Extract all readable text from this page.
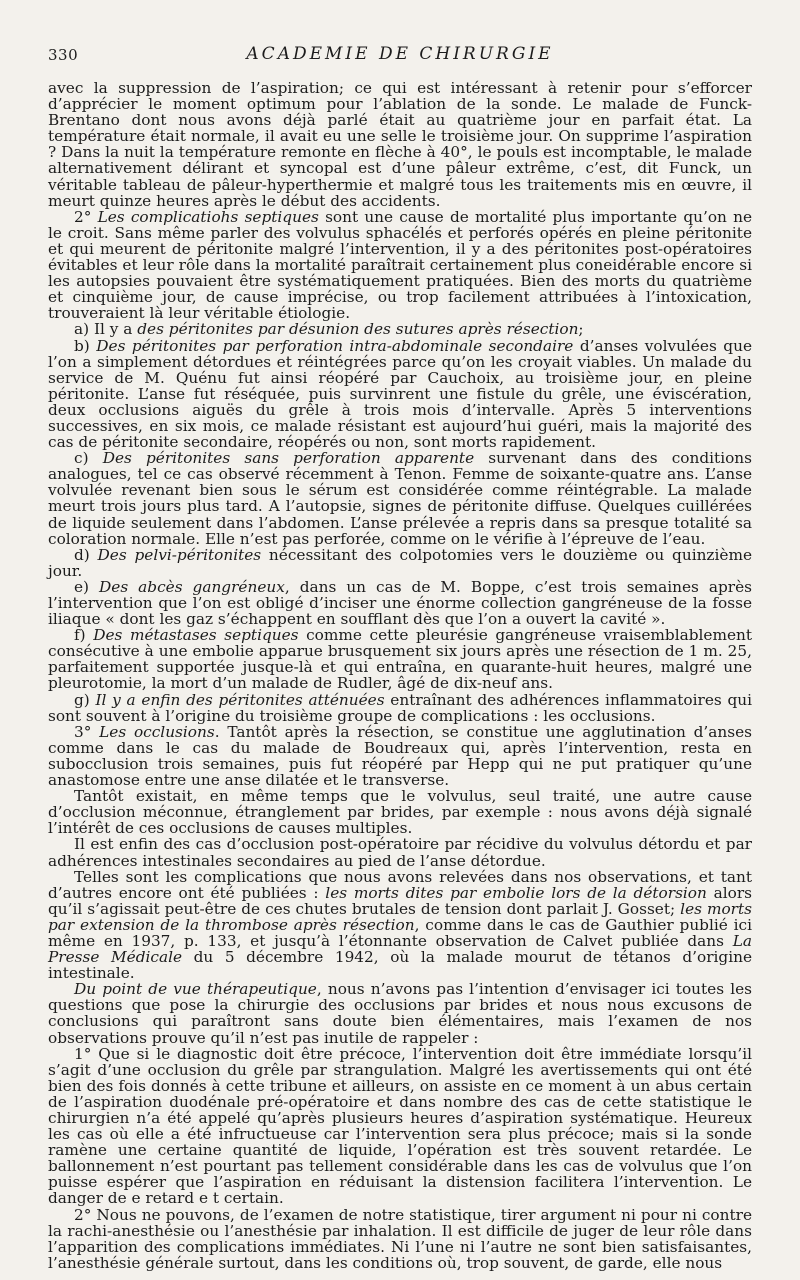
330	ACADEMIE DE CHIRURGIE

avec la suppression de l’aspiration; ce qui est intéressant à retenir pour s’efforcer d’apprécier le moment optimum pour l’ablation de la sonde. Le malade de Funck-Brentano dont nous avons déjà parlé était au quatrième jour en parfait état. La température était normale, il avait eu une selle le troisième jour. On supprime l’aspiration ? Dans la nuit la température remonte en flèche à 40°, le pouls est incomptable, le malade alternativement délirant et syncopal est d’une pâleur extrême, c’est, dit Funck, un véritable tableau de pâleur-hyperthermie et malgré tous les traitements mis en œuvre, il meurt quinze heures après le début des accidents.

2° Les complicatiohs septiques sont une cause de mortalité plus importante qu’on ne le croit. Sans même parler des volvulus sphacélés et perforés opérés en pleine péritonite et qui meurent de péritonite malgré l’intervention, il y a des péritonites post-opératoires évitables et leur rôle dans la mortalité paraîtrait certainement plus coneidérable encore si les autopsies pouvaient être systématiquement pratiquées. Bien des morts du quatrième et cinquième jour, de cause imprécise, ou trop facilement attribuées à l’intoxication, trouveraient là leur véritable étiologie.

a) Il y a des péritonites par désunion des sutures après résection;

b) Des péritonites par perforation intra-abdominale secondaire d’anses volvulées que l’on a simplement détordues et réintégrées parce qu’on les croyait viables. Un malade du service de M. Quénu fut ainsi réopéré par Cauchoix, au troisième jour, en pleine péritonite. L’anse fut réséquée, puis survinrent une fistule du grêle, une éviscération, deux occlusions aiguës du grêle à trois mois d’intervalle. Après 5 interventions successives, en six mois, ce malade résistant est aujourd’hui guéri, mais la majorité des cas de péritonite secondaire, réopérés ou non, sont morts rapidement.

c) Des péritonites sans perforation apparente survenant dans des conditions analogues, tel ce cas observé récemment à Tenon. Femme de soixante-quatre ans. L’anse volvulée revenant bien sous le sérum est considérée comme réintégrable. La malade meurt trois jours plus tard. A l’autopsie, signes de péritonite diffuse. Quelques cuillérées de liquide seulement dans l’abdomen. L’anse prélevée a repris dans sa presque totalité sa coloration normale. Elle n’est pas perforée, comme on le vérifie à l’épreuve de l’eau.

d) Des pelvi-péritonites nécessitant des colpotomies vers le douzième ou quinzième jour.

e) Des abcès gangréneux, dans un cas de M. Boppe, c’est trois semaines après l’intervention que l’on est obligé d’inciser une énorme collection gangréneuse de la fosse iliaque « dont les gaz s’échappent en soufflant dès que l’on a ouvert la cavité ».

f) Des métastases septiques comme cette pleurésie gangréneuse vraisemblablement consécutive à une embolie apparue brusquement six jours après une résection de 1 m. 25, parfaitement supportée jusque-là et qui entraîna, en quarante-huit heures, malgré une pleurotomie, la mort d’un malade de Rudler, âgé de dix-neuf ans.

g) Il y a enfin des péritonites atténuées entraînant des adhérences inflammatoires qui sont souvent à l’origine du troisième groupe de complications : les occlusions.

3° Les occlusions. Tantôt après la résection, se constitue une agglutination d’anses comme dans le cas du malade de Boudreaux qui, après l’intervention, resta en subocclusion trois semaines, puis fut réopéré par Hepp qui ne put pratiquer qu’une anastomose entre une anse dilatée et le transverse.

Tantôt existait, en même temps que le volvulus, seul traité, une autre cause d’occlusion méconnue, étranglement par brides, par exemple : nous avons déjà signalé l’intérêt de ces occlusions de causes multiples.

Il est enfin des cas d’occlusion post-opératoire par récidive du volvulus détordu et par adhérences intestinales secondaires au pied de l’anse détordue.

Telles sont les complications que nous avons relevées dans nos observations, et tant d’autres encore ont été publiées : les morts dites par embolie lors de la détorsion alors qu’il s’agissait peut-être de ces chutes brutales de tension dont parlait J. Gosset; les morts par extension de la thrombose après résection, comme dans le cas de Gauthier publié ici même en 1937, p. 133, et jusqu’à l’étonnante observation de Calvet publiée dans La Presse Médicale du 5 décembre 1942, où la malade mourut de tétanos d’origine intestinale.

Du point de vue thérapeutique, nous n’avons pas l’intention d’envisager ici toutes les questions que pose la chirurgie des occlusions par brides et nous nous excusons de conclusions qui paraîtront sans doute bien élémentaires, mais l’examen de nos observations prouve qu’il n’est pas inutile de rappeler :

1° Que si le diagnostic doit être précoce, l’intervention doit être immédiate lorsqu’il s’agit d’une occlusion du grêle par strangulation. Malgré les avertissements qui ont été bien des fois donnés à cette tribune et ailleurs, on assiste en ce moment à un abus certain de l’aspiration duodénale pré-opératoire et dans nombre des cas de cette statistique le chirurgien n’a été appelé qu’après plusieurs heures d’aspiration systématique. Heureux les cas où elle a été infructueuse car l’intervention sera plus précoce; mais si la sonde ramène une certaine quantité de liquide, l’opération est très souvent retardée. Le ballonnement n’est pourtant pas tellement considérable dans les cas de volvulus que l’on puisse espérer que l’aspiration en réduisant la distension facilitera l’intervention. Le danger de e retard e t certain.

2° Nous ne pouvons, de l’examen de notre statistique, tirer argument ni pour ni contre la rachi-anesthésie ou l’anesthésie par inhalation. Il est difficile de juger de leur rôle dans l’apparition des complications immédiates. Ni l’une ni l’autre ne sont bien satisfaisantes, l’anesthésie générale surtout, dans les conditions où, trop souvent, de garde, elle nous
